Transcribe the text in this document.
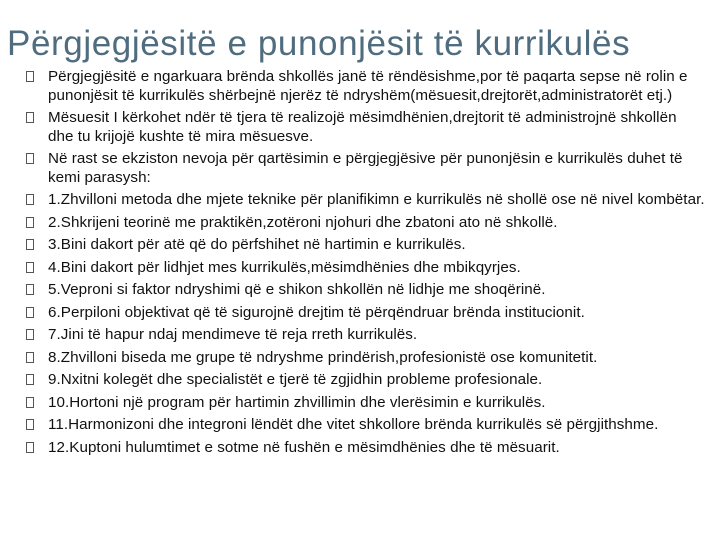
Përgjegjësitë e punonjësit të kurrikulës
Përgjegjësitë e ngarkuara brënda shkollës janë të rëndësishme,por të paqarta sepse në rolin e punonjësit të kurrikulës shërbejnë njerëz të ndryshëm(mësuesit,drejtorët,administratorët etj.)
Mësuesit I kërkohet ndër të tjera të realizojë mësimdhënien,drejtorit të administrojnë shkollën dhe tu krijojë kushte të mira mësuesve.
Në rast se ekziston nevoja për qartësimin e përgjegjësive për punonjësin e kurrikulës duhet të kemi parasysh:
1.Zhvilloni metoda dhe mjete teknike për planifikimn e kurrikulës në shollë ose në nivel kombëtar.
2.Shkrijeni teorinë me praktikën,zotëroni njohuri dhe zbatoni ato në shkollë.
3.Bini dakort për atë që do përfshihet në hartimin e kurrikulës.
4.Bini dakort për lidhjet mes kurrikulës,mësimdhënies dhe mbikqyrjes.
5.Veproni si faktor ndryshimi që e shikon shkollën në lidhje me shoqërinë.
6.Perpiloni objektivat që të sigurojnë drejtim të përqëndruar brënda institucionit.
7.Jini të hapur ndaj mendimeve të reja rreth kurrikulës.
8.Zhvilloni biseda me grupe të ndryshme prindërish,profesionistë ose komunitetit.
9.Nxitni kolegët dhe specialistët e tjerë të zgjidhin probleme profesionale.
10.Hortoni një program për hartimin zhvillimin dhe vlerësimin e kurrikulës.
11.Harmonizoni dhe integroni lëndët dhe vitet shkollore brënda kurrikulës së përgjithshme.
12.Kuptoni hulumtimet e sotme në fushën e mësimdhënies dhe të mësuarit.
